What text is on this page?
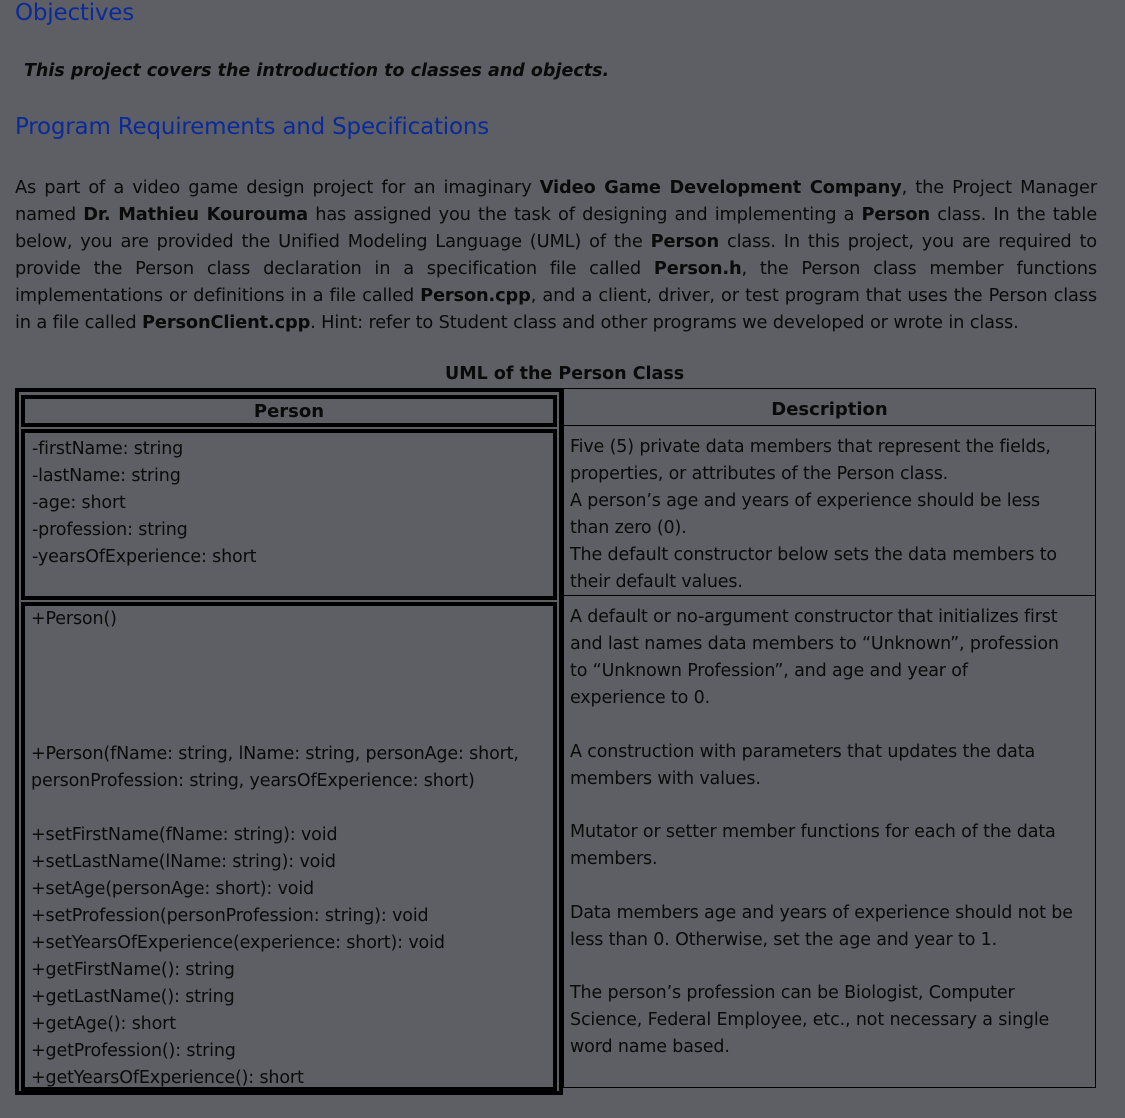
Objectives
This project covers the introduction to classes and objects.
Program Requirements and Specifications
As part of a video game design project for an imaginary Video Game Development Company, the Project Manager named Dr. Mathieu Kourouma has assigned you the task of designing and implementing a Person class. In the table below, you are provided the Unified Modeling Language (UML) of the Person class. In this project, you are required to provide the Person class declaration in a specification file called Person.h, the Person class member functions implementations or definitions in a file called Person.cpp, and a client, driver, or test program that uses the Person class in a file called PersonClient.cpp. Hint: refer to Student class and other programs we developed or wrote in class.
UML of the Person Class
Person	Description
-firstName: string
-lastName: string
-age: short
-profession: string
-yearsOfExperience: short
+Person()
+Person(fName: string, lName: string, personAge: short,
personProfession: string, yearsOfExperience: short)
+setFirstName(fName: string): void
+setLastName(lName: string): void
+setAge(personAge: short): void
+setProfession(personProfession: string): void
+setYearsOfExperience(experience: short): void
+getFirstName(): string
+getLastName(): string
+getAge(): short
+getProfession(): string
+getYearsOfExperience(): short
Five (5) private data members that represent the fields,
properties, or attributes of the Person class.
A person’s age and years of experience should be less
than zero (0).
The default constructor below sets the data members to
their default values.
A default or no-argument constructor that initializes first
and last names data members to “Unknown”, profession
to “Unknown Profession”, and age and year of
experience to 0.
A construction with parameters that updates the data
members with values.
Mutator or setter member functions for each of the data
members.
Data members age and years of experience should not be
less than 0. Otherwise, set the age and year to 1.
The person’s profession can be Biologist, Computer
Science, Federal Employee, etc., not necessary a single
word name based.
